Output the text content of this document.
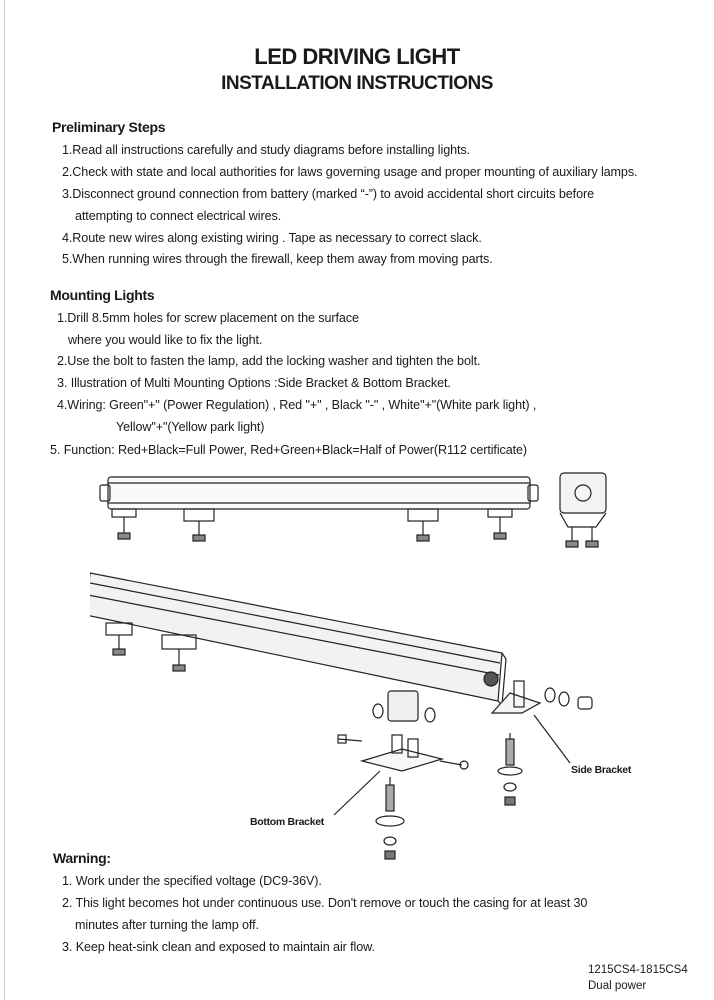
LED DRIVING LIGHT
INSTALLATION INSTRUCTIONS
Preliminary Steps
1.Read all instructions carefully and study diagrams before installing lights.
2.Check with state and local authorities for laws governing usage and proper mounting of auxiliary lamps.
3.Disconnect ground connection from battery (marked “-”) to avoid accidental short circuits before
attempting to connect electrical wires.
4.Route new wires along existing wiring . Tape as necessary to correct slack.
5.When running wires through the firewall, keep them away from moving parts.
Mounting Lights
1.Drill 8.5mm holes for screw placement on the surface
where you would like to fix the light.
2.Use the bolt to fasten the lamp, add the locking washer and tighten the bolt.
3. Illustration of Multi Mounting Options :Side Bracket & Bottom Bracket.
4.Wiring: Green"+" (Power Regulation) , Red "+" , Black "-" , White"+"(White park light) ,
Yellow"+"(Yellow park light)
5. Function: Red+Black=Full Power, Red+Green+Black=Half of Power(R112 certificate)
Side Bracket
Bottom Bracket
Warning:
1. Work under the specified voltage (DC9-36V).
2. This light becomes hot under continuous use. Don't remove or touch the casing for at least 30
minutes after turning the lamp off.
3. Keep heat-sink clean and exposed to maintain air flow.
1215CS4-1815CS4
Dual power
